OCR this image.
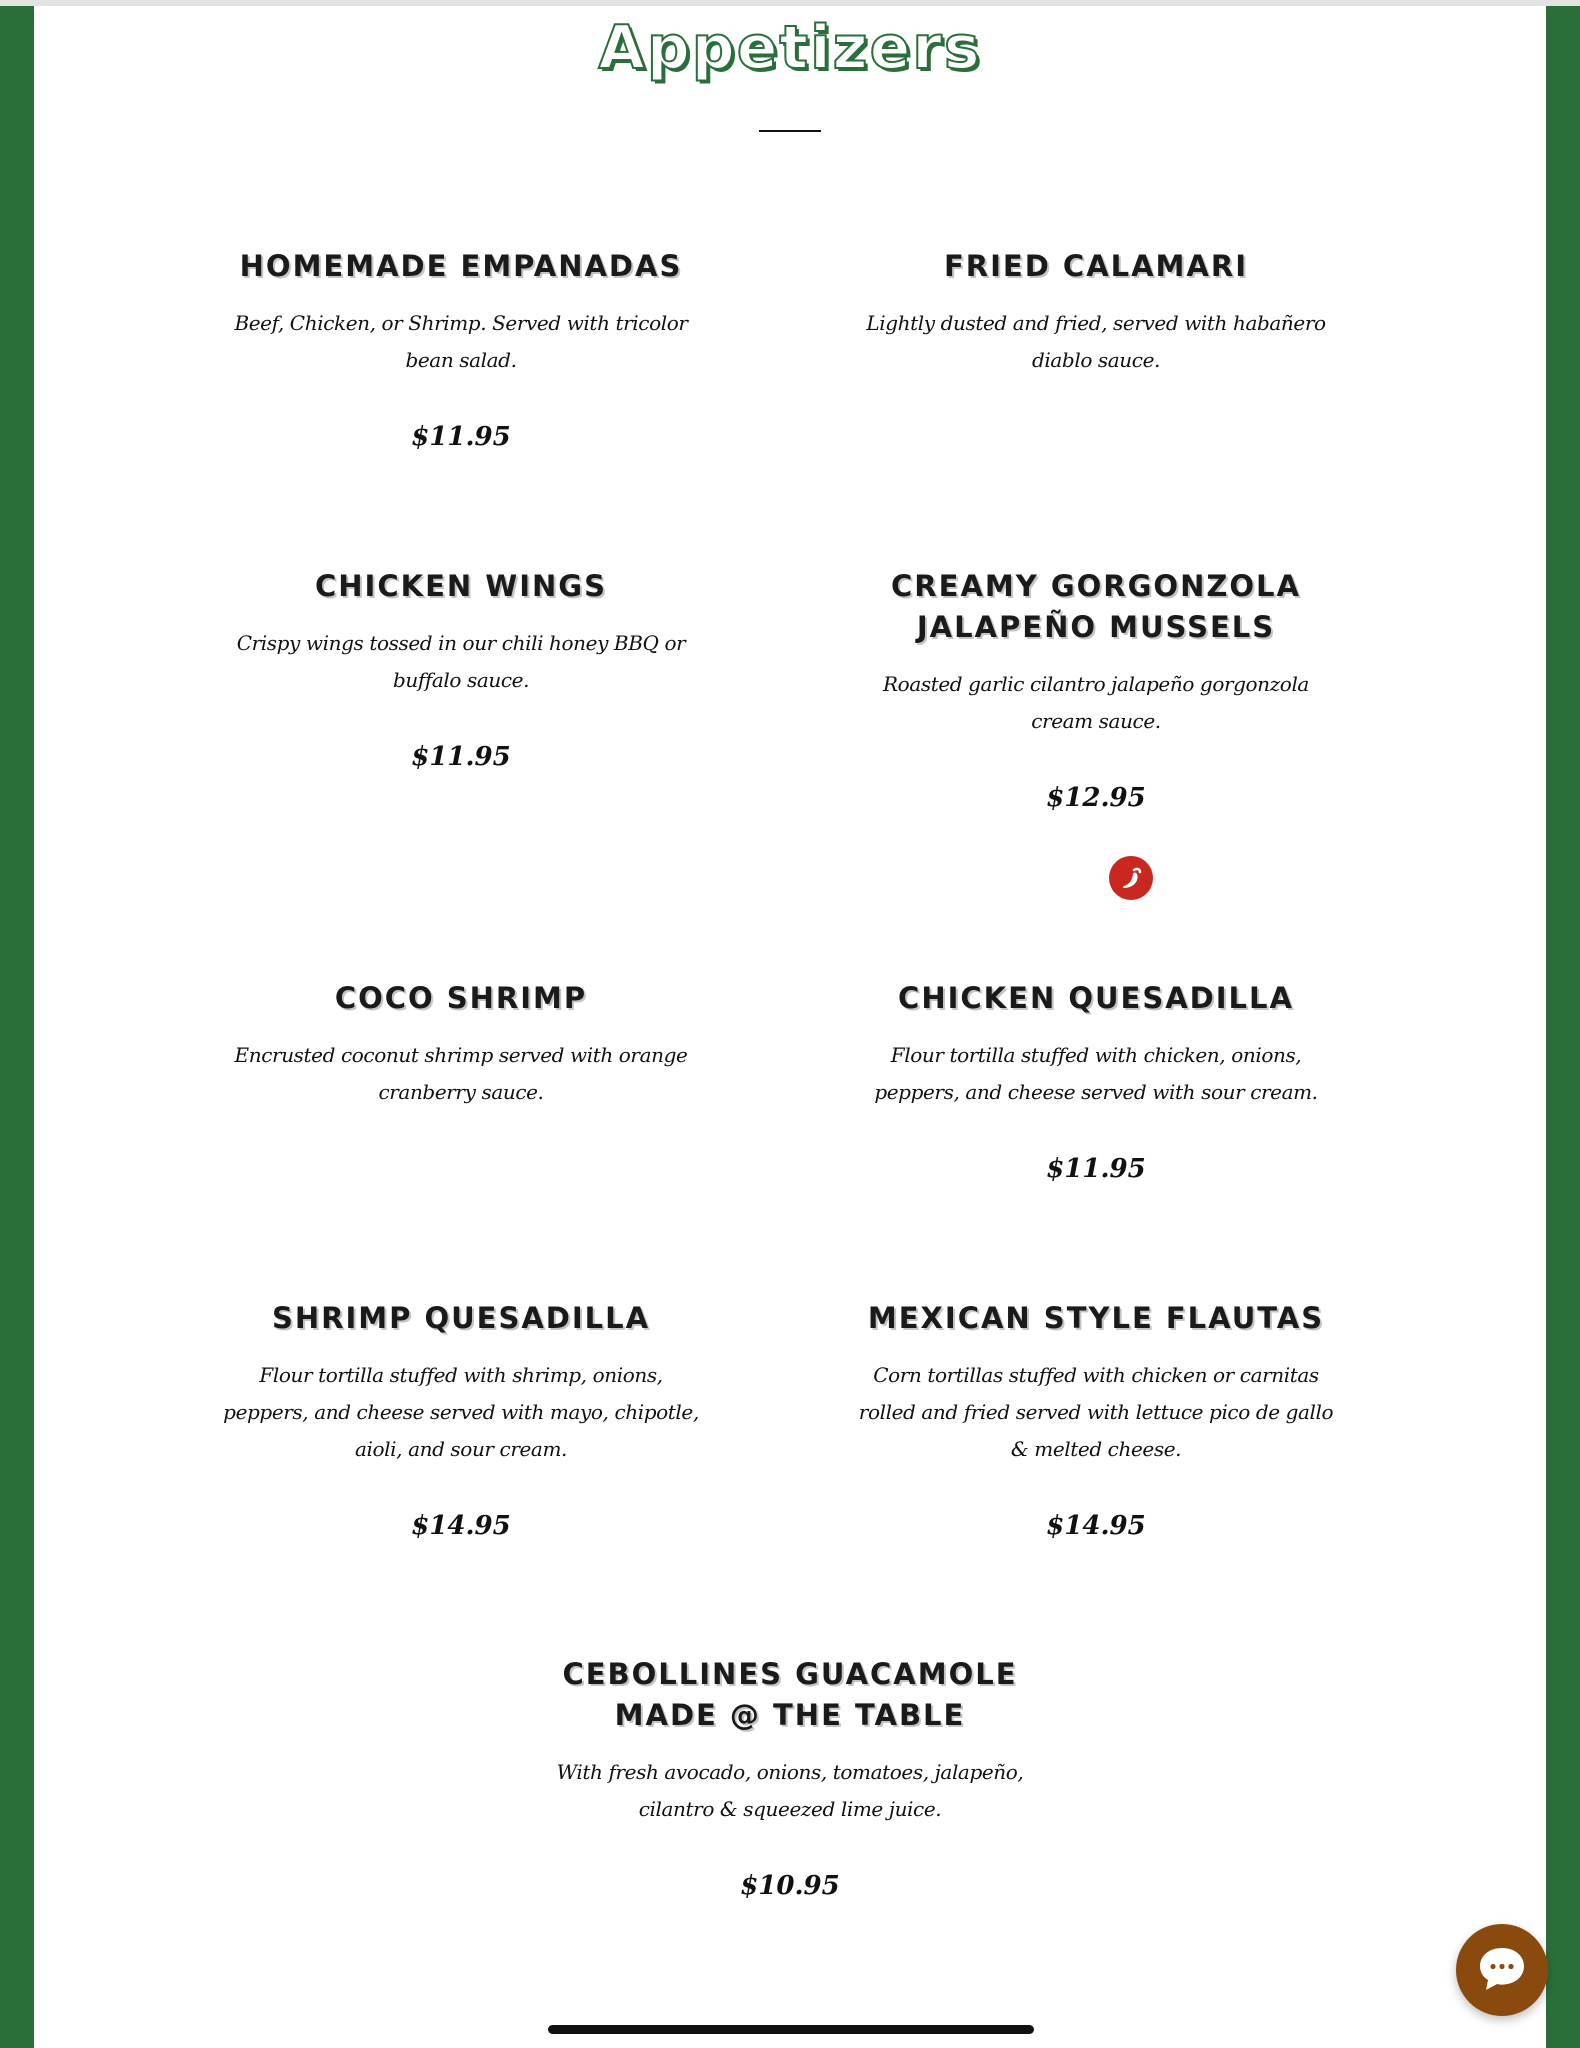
Appetizers
HOMEMADE EMPANADAS

Beef, Chicken, or Shrimp. Served with tricolor bean salad.

$11.95

FRIED CALAMARI

Lightly dusted and fried, served with habañero diablo sauce.

CHICKEN WINGS

Crispy wings tossed in our chili honey BBQ or buffalo sauce.

$11.95

CREAMY GORGONZOLA JALAPEÑO MUSSELS

Roasted garlic cilantro jalapeño gorgonzola cream sauce.

$12.95

COCO SHRIMP

Encrusted coconut shrimp served with orange cranberry sauce.

CHICKEN QUESADILLA

Flour tortilla stuffed with chicken, onions, peppers, and cheese served with sour cream.

$11.95

SHRIMP QUESADILLA

Flour tortilla stuffed with shrimp, onions, peppers, and cheese served with mayo, chipotle, aioli, and sour cream.

$14.95

MEXICAN STYLE FLAUTAS

Corn tortillas stuffed with chicken or carnitas rolled and fried served with lettuce pico de gallo & melted cheese.

$14.95

CEBOLLINES GUACAMOLE MADE @ THE TABLE

With fresh avocado, onions, tomatoes, jalapeño, cilantro & squeezed lime juice.

$10.95
